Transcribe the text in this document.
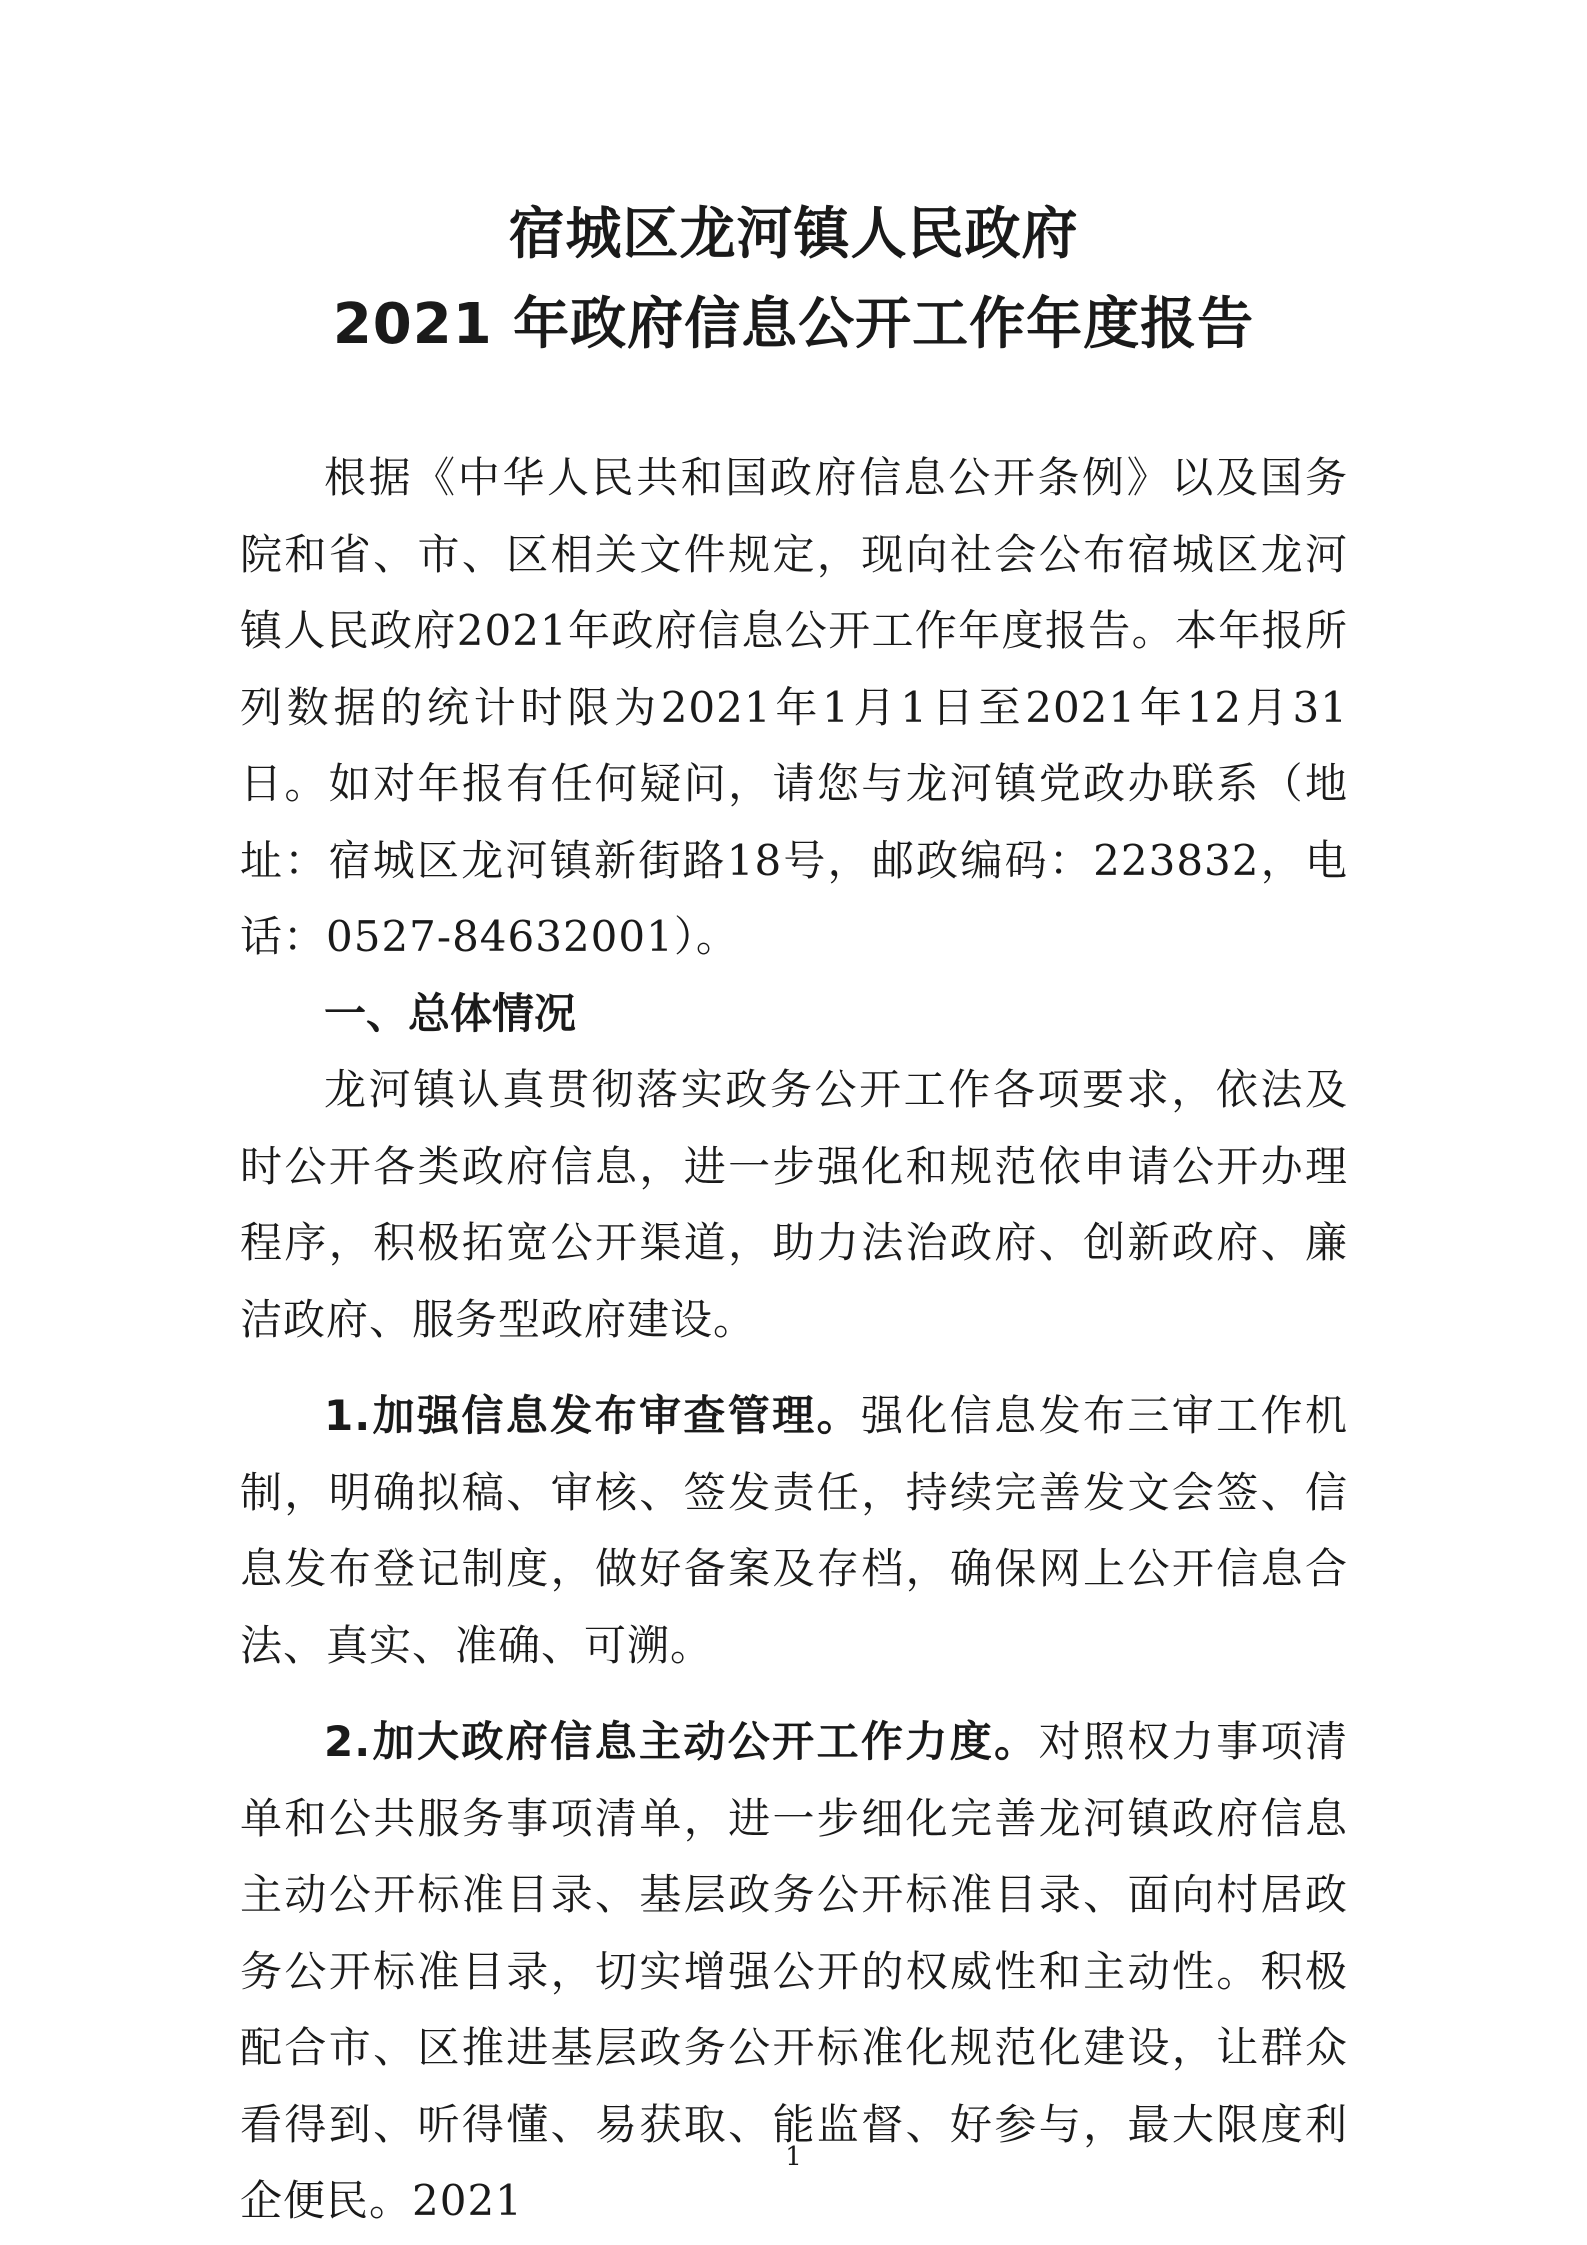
宿城区龙河镇人民政府
2021 年政府信息公开工作年度报告

根据《中华人民共和国政府信息公开条例》以及国务院和省、市、区相关文件规定，现向社会公布宿城区龙河镇人民政府2021年政府信息公开工作年度报告。本年报所列数据的统计时限为2021年1月1日至2021年12月31日。如对年报有任何疑问，请您与龙河镇党政办联系（地址：宿城区龙河镇新街路18号，邮政编码：223832，电话：0527-84632001）。

一、总体情况

龙河镇认真贯彻落实政务公开工作各项要求，依法及时公开各类政府信息，进一步强化和规范依申请公开办理程序，积极拓宽公开渠道，助力法治政府、创新政府、廉洁政府、服务型政府建设。

1.加强信息发布审查管理。强化信息发布三审工作机制，明确拟稿、审核、签发责任，持续完善发文会签、信息发布登记制度，做好备案及存档，确保网上公开信息合法、真实、准确、可溯。

2.加大政府信息主动公开工作力度。对照权力事项清单和公共服务事项清单，进一步细化完善龙河镇政府信息主动公开标准目录、基层政务公开标准目录、面向村居政务公开标准目录，切实增强公开的权威性和主动性。积极配合市、区推进基层政务公开标准化规范化建设，让群众看得到、听得懂、易获取、能监督、好参与，最大限度利企便民。2021

1
